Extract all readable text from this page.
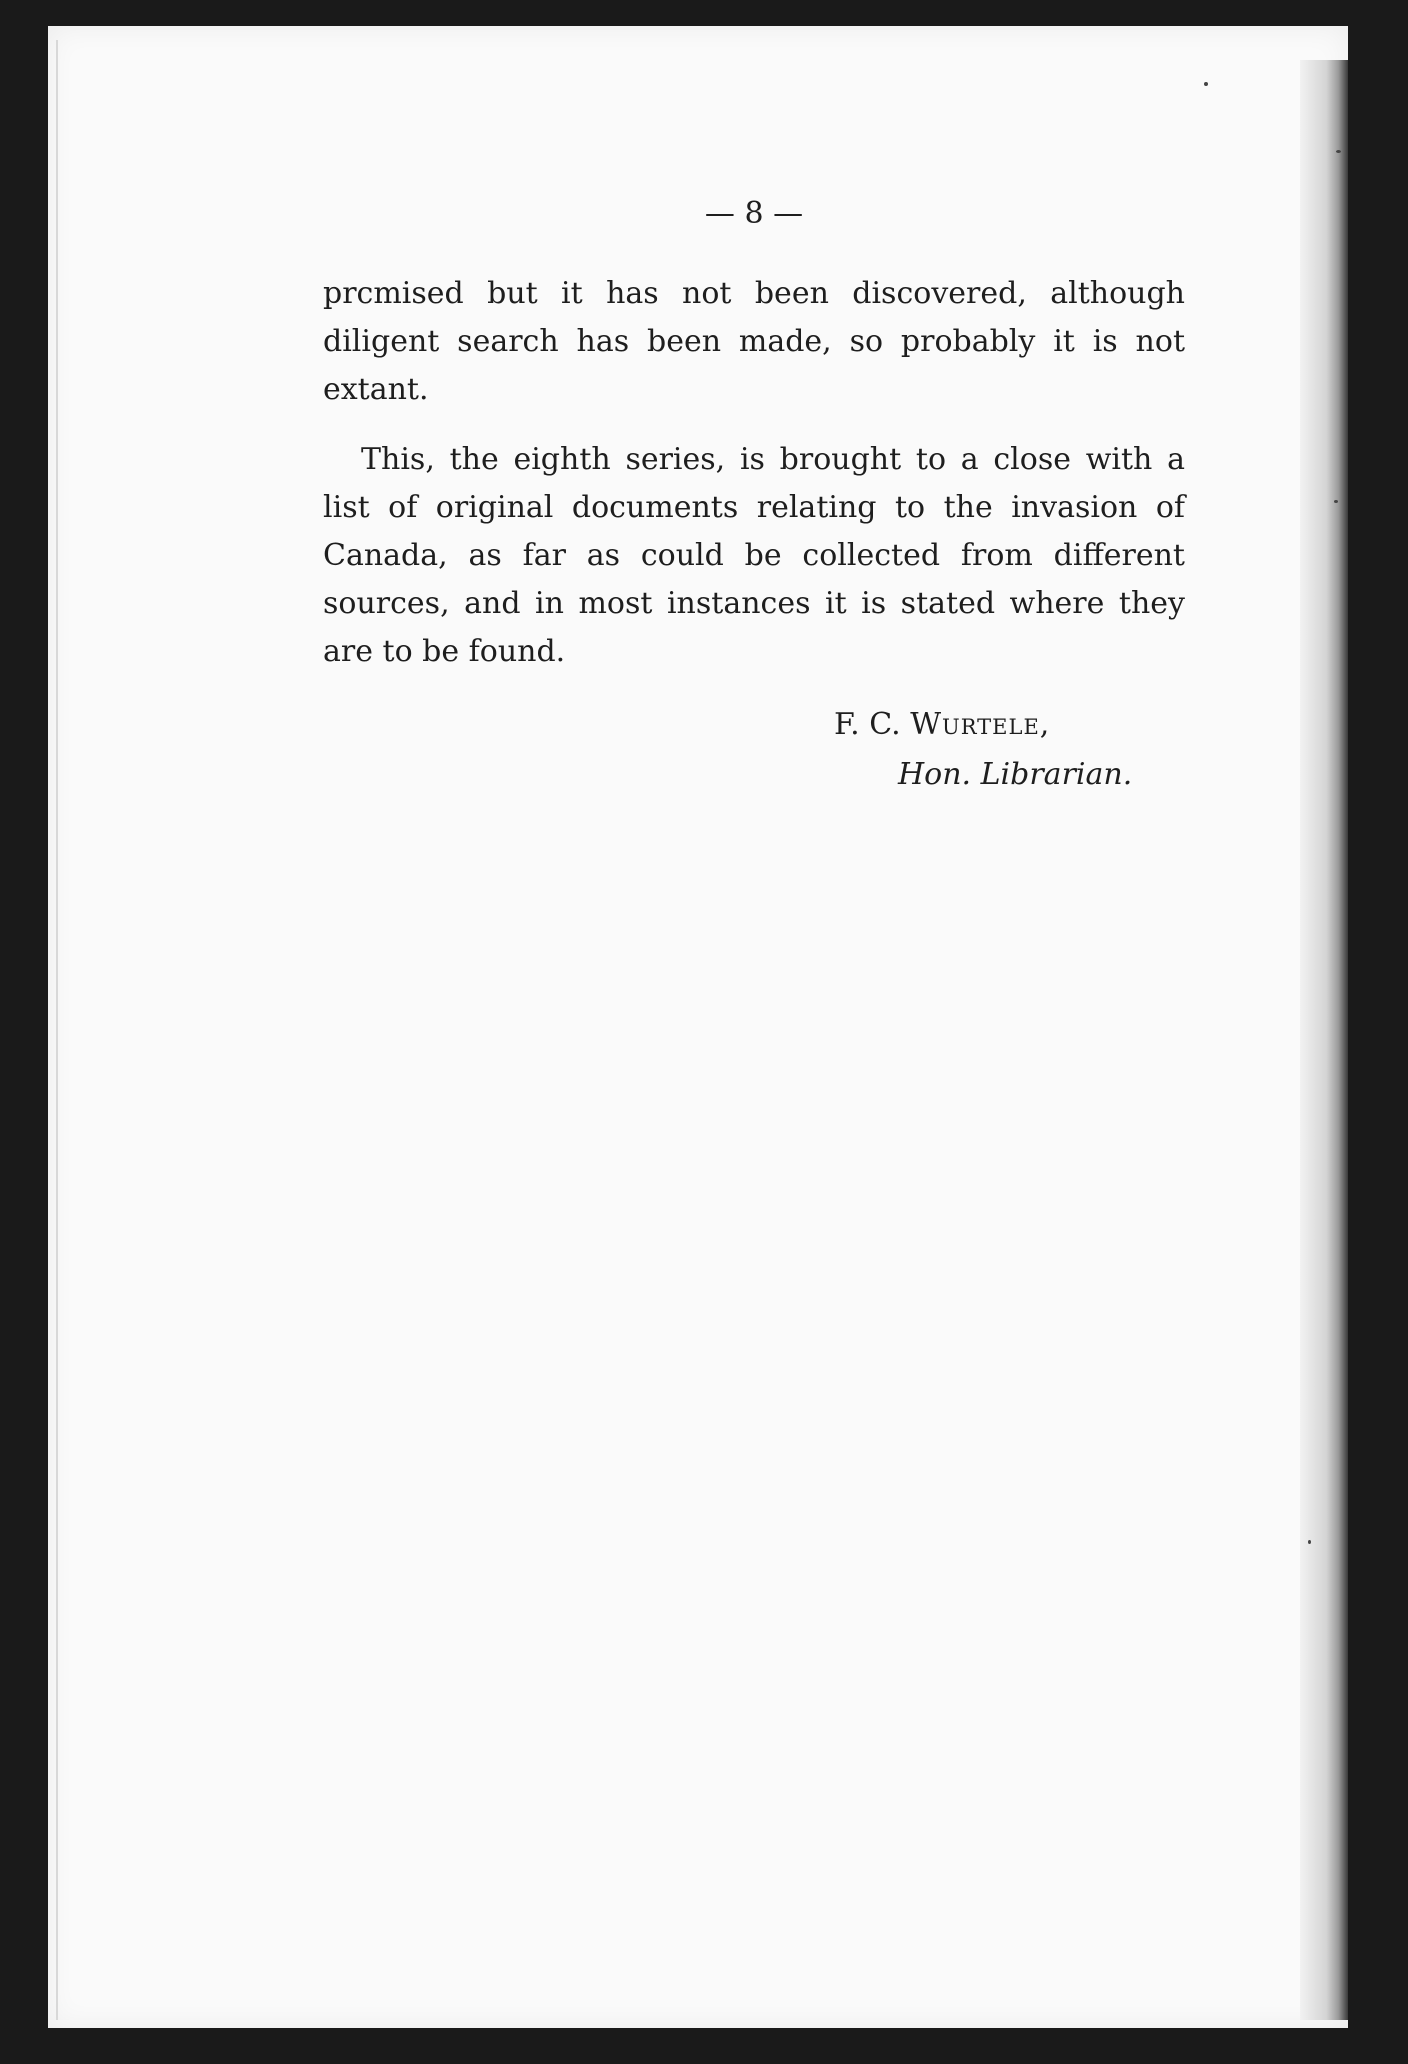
— 8 —
prcmised but it has not been discovered, although
diligent search has been made, so probably it is not
extant.
This, the eighth series, is brought to a close with a
list of original documents relating to the invasion of
Canada, as far as could be collected from different
sources, and in most instances it is stated where they
are to be found.
F. C. Wurtele,
Hon. Librarian.
